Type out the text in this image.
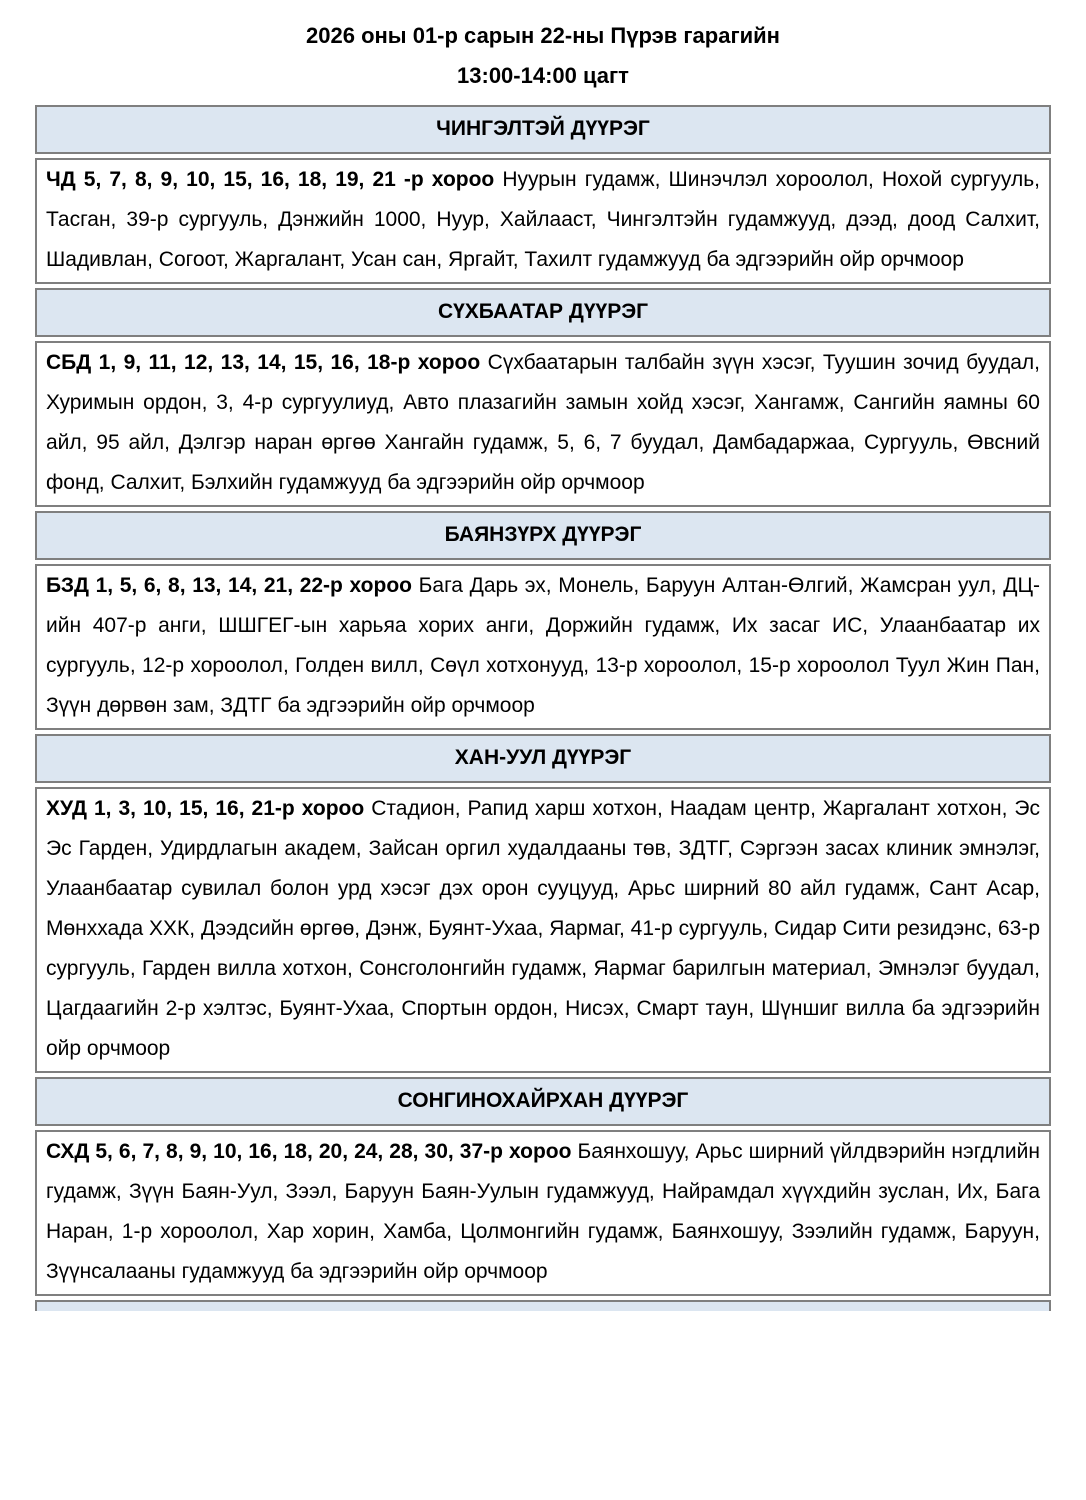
2026 оны 01-р сарын 22-ны Пүрэв гарагийн
13:00-14:00 цагт
ЧИНГЭЛТЭЙ ДҮҮРЭГ

ЧД 5, 7, 8, 9, 10, 15, 16, 18, 19, 21 -р хороо Нуурын гудамж, Шинэчлэл хороолол, Нохой сургууль, Тасган, 39-р сургууль, Дэнжийн 1000, Нуур, Хайлааст, Чингэлтэйн гудамжууд, дээд, доод Салхит, Шадивлан, Согоот, Жаргалант, Усан сан, Яргайт, Тахилт гудамжууд ба эдгээрийн ойр орчмоор

СҮХБААТАР ДҮҮРЭГ

СБД 1, 9, 11, 12, 13, 14, 15, 16, 18-р хороо Сүхбаатарын талбайн зүүн хэсэг, Туушин зочид буудал, Хуримын ордон, 3, 4-р сургуулиуд, Авто плазагийн замын хойд хэсэг, Хангамж, Сангийн яамны 60 айл, 95 айл, Дэлгэр наран өргөө Хангайн гудамж, 5, 6, 7 буудал, Дамбадаржаа, Сургууль, Өвсний фонд, Салхит, Бэлхийн гудамжууд ба эдгээрийн ойр орчмоор

БАЯНЗҮРХ ДҮҮРЭГ

БЗД 1, 5, 6, 8, 13, 14, 21, 22-р хороо Бага Дарь эх, Монель, Баруун Алтан-Өлгий, Жамсран уул, ДЦ-ийн 407-р анги, ШШГЕГ-ын харьяа хорих анги, Доржийн гудамж, Их засаг ИС, Улаанбаатар их сургууль, 12-р хороолол, Голден вилл, Сөүл хотхонууд, 13-р хороолол, 15-р хороолол Туул Жин Пан, Зүүн дөрвөн зам, ЗДТГ ба эдгээрийн ойр орчмоор

ХАН-УУЛ ДҮҮРЭГ

ХУД 1, 3, 10, 15, 16, 21-р хороо Стадион, Рапид харш хотхон, Наадам центр, Жаргалант хотхон, Эс Эс Гарден, Удирдлагын академ, Зайсан оргил худалдааны төв, ЗДТГ, Сэргээн засах клиник эмнэлэг, Улаанбаатар сувилал болон урд хэсэг дэх орон сууцууд, Арьс ширний 80 айл гудамж, Сант Асар, Мөнххада ХХК, Дээдсийн өргөө, Дэнж, Буянт-Ухаа, Яармаг, 41-р сургууль, Сидар Сити резидэнс, 63-р сургууль, Гарден вилла хотхон, Сонсголонгийн гудамж, Яармаг барилгын материал, Эмнэлэг буудал, Цагдаагийн 2-р хэлтэс, Буянт-Ухаа, Спортын ордон, Нисэх, Смарт таун, Шүншиг вилла ба эдгээрийн ойр орчмоор

СОНГИНОХАЙРХАН ДҮҮРЭГ

СХД 5, 6, 7, 8, 9, 10, 16, 18, 20, 24, 28, 30, 37-р хороо Баянхошуу, Арьс ширний үйлдвэрийн нэгдлийн гудамж, Зүүн Баян-Уул, Зээл, Баруун Баян-Уулын гудамжууд, Найрамдал хүүхдийн зуслан, Их, Бага Наран, 1-р хороолол, Хар хорин, Хамба, Цолмонгийн гудамж, Баянхошуу, Зээлийн гудамж, Баруун, Зүүнсалааны гудамжууд ба эдгээрийн ойр орчмоор
